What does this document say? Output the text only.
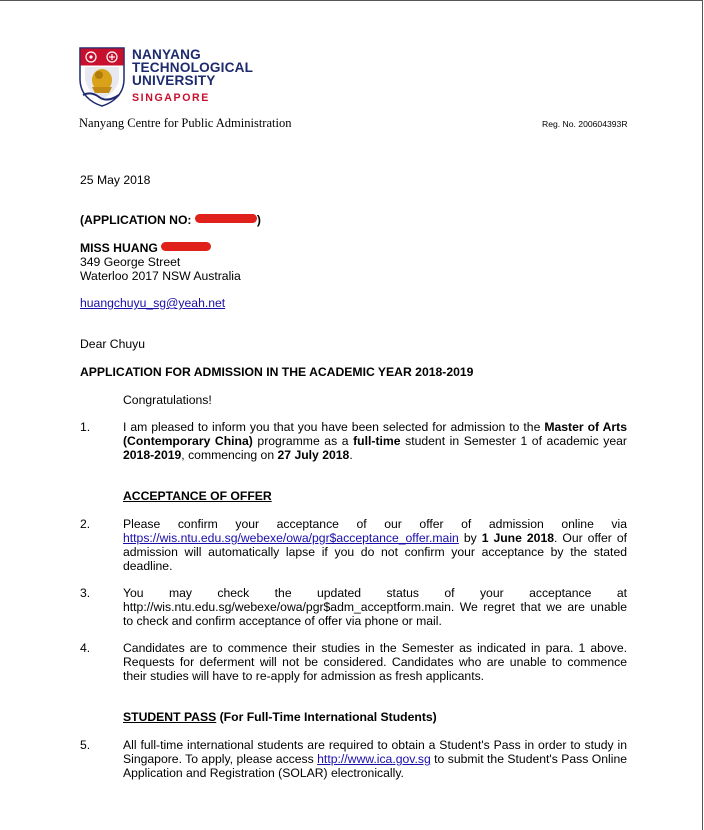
NANYANG
TECHNOLOGICAL
UNIVERSITY
SINGAPORE
Nanyang Centre for Public Administration	Reg. No. 200604393R
25 May 2018
(APPLICATION NO:	)
MISS HUANG
349 George Street
Waterloo 2017 NSW Australia
huangchuyu_sg@yeah.net
Dear Chuyu
APPLICATION FOR ADMISSION IN THE ACADEMIC YEAR 2018-2019
Congratulations!
1.	I am pleased to inform you that you have been selected for admission to the Master of Arts (Contemporary China) programme as a full-time student in Semester 1 of academic year 2018-2019, commencing on 27 July 2018.
ACCEPTANCE OF OFFER
2.	Please confirm your acceptance of our offer of admission online via https://wis.ntu.edu.sg/webexe/owa/pgr$acceptance_offer.main by 1 June 2018. Our offer of admission will automatically lapse if you do not confirm your acceptance by the stated deadline.
3.	You may check the updated status of your acceptance at http://wis.ntu.edu.sg/webexe/owa/pgr$adm_acceptform.main. We regret that we are unable to check and confirm acceptance of offer via phone or mail.
4.	Candidates are to commence their studies in the Semester as indicated in para. 1 above. Requests for deferment will not be considered. Candidates who are unable to commence their studies will have to re-apply for admission as fresh applicants.
STUDENT PASS (For Full-Time International Students)
5.	All full-time international students are required to obtain a Student's Pass in order to study in Singapore. To apply, please access http://www.ica.gov.sg to submit the Student's Pass Online Application and Registration (SOLAR) electronically.
